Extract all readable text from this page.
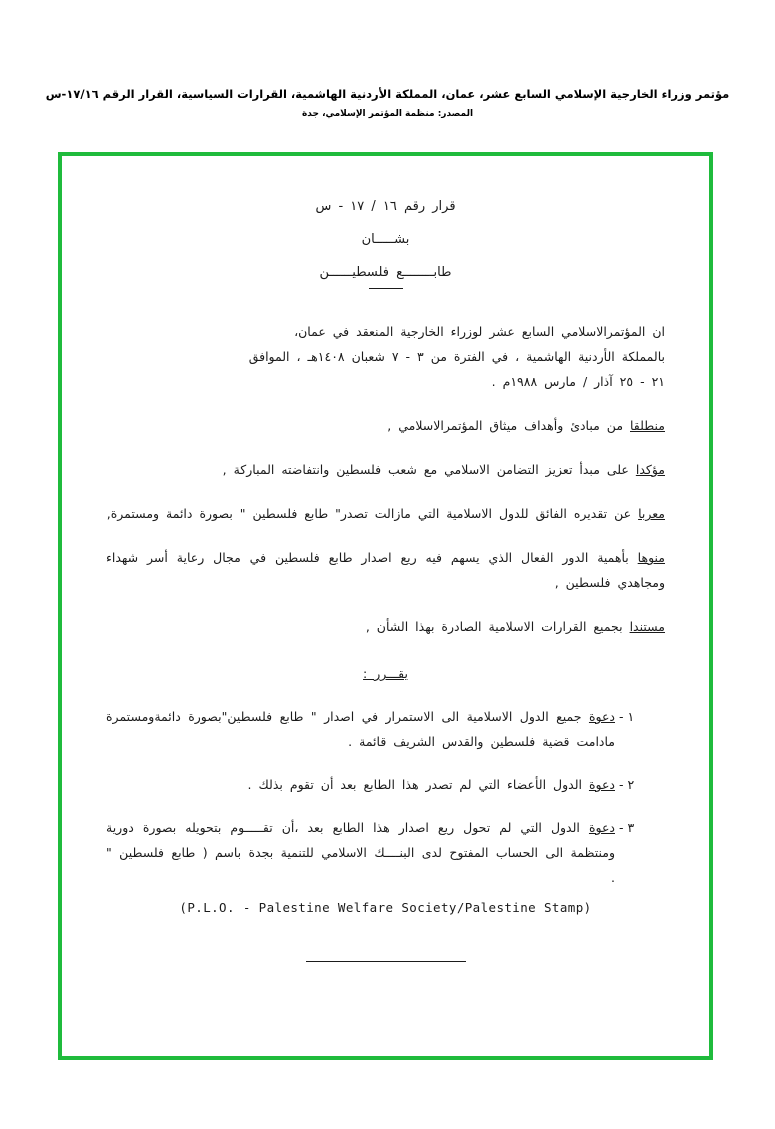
مؤتمر وزراء الخارجية الإسلامي السابع عشر، عمان، المملكة الأردنية الهاشمية، القرارات السياسية، القرار الرقم ١٧/١٦-س
المصدر: منظمة المؤتمر الإسلامي، جدة
قرار رقم ١٦ / ١٧ - س
بشـــــان
طابــــــــع فلسطيــــــن

ان المؤتمرالاسلامي السابع عشر لوزراء الخارجية المنعقد في عمان،

بالمملكة الأردنية الهاشمية ، في الفترة من ٣ - ٧ شعبان ١٤٠٨هـ ، الموافق

٢١ - ٢٥ آذار / مارس ١٩٨٨م .

منطلقا من مبادئ وأهداف ميثاق المؤتمرالاسلامي ,
مؤكدا على مبدأ تعزيز التضامن الاسلامي مع شعب فلسطين وانتفاضته المباركة ,
معربا عن تقديره الفائق للدول الاسلامية التي مازالت تصدر" طابع فلسطين " بصورة دائمة ومستمرة,
منوها بأهمية الدور الفعال الذي يسهم فيه ريع اصدار طابع فلسطين في مجال رعاية أسر شهداء ومجاهدي فلسطين ,
مستندا بجميع القرارات الاسلامية الصادرة بهذا الشأن ,
يقـــرر :
١ -
دعوة جميع الدول الاسلامية الى الاستمرار في اصدار " طابع فلسطين"بصورة دائمةومستمرة مادامت قضية فلسطين والقدس الشريف قائمة .
٢ -
دعوة الدول الأعضاء التي لم تصدر هذا الطابع بعد أن تقوم بذلك .
٣ -
دعوة الدول التي لم تحول ريع اصدار هذا الطابع بعد ،أن تقـــــوم بتحويله بصورة دورية ومنتظمة الى الحساب المفتوح لدى البنــــك الاسلامي للتنمية بجدة باسم ( طابع فلسطين " .
(P.L.O. - Palestine Welfare Society/Palestine Stamp)
